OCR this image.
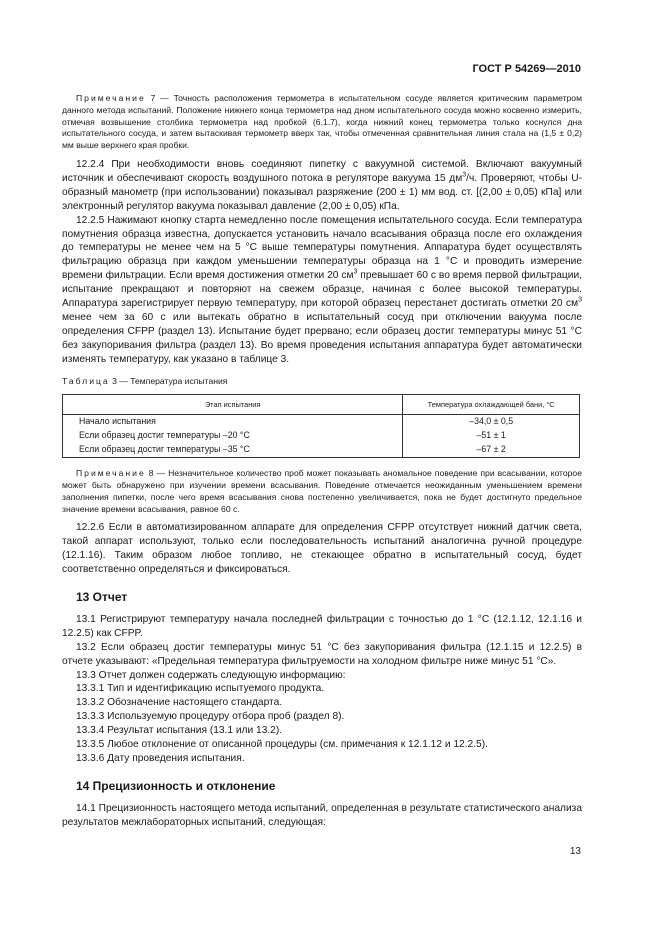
ГОСТ Р 54269—2010

Примечание 7 — Точность расположения термометра в испытательном сосуде является критическим параметром данного метода испытаний. Положение нижнего конца термометра над дном испытательного сосуда можно косвенно измерить, отмечая возвышение столбика термометра над пробкой (6.1.7), когда нижний конец термометра только коснулся дна испытательного сосуда, и затем вытаскивая термометр вверх так, чтобы отмеченная сравнительная линия стала на (1,5 ± 0,2) мм выше верхнего края пробки.

12.2.4 При необходимости вновь соединяют пипетку с вакуумной системой. Включают вакуумный источник и обеспечивают скорость воздушного потока в регуляторе вакуума 15 $дм^3/ч$. Проверяют, чтобы U-образный манометр (при использовании) показывал разряжение (200 ± 1) мм вод. ст. [(2,00 ± 0,05) кПа] или электронный регулятор вакуума показывал давление (2,00 ± 0,05) кПа.

12.2.5 Нажимают кнопку старта немедленно после помещения испытательного сосуда. Если температура помутнения образца известна, допускается установить начало всасывания образца после его охлаждения до температуры не менее чем на 5 °С выше температуры помутнения. Аппаратура будет осуществлять фильтрацию образца при каждом уменьшении температуры образца на 1 °С и проводить измерение времени фильтрации. Если время достижения отметки 20 $см^3$ превышает 60 с во время первой фильтрации, испытание прекращают и повторяют на свежем образце, начиная с более высокой температуры. Аппаратура зарегистрирует первую температуру, при которой образец перестанет достигать отметки 20 $см^3$ менее чем за 60 с или вытекать обратно в испытательный сосуд при отключении вакуума после определения CFPP (раздел 13). Испытание будет прервано; если образец достиг температуры минус 51 °С без закупоривания фильтра (раздел 13). Во время проведения испытания аппаратура будет автоматически изменять температуру, как указано в таблице 3.

Таблица 3 — Температура испытания
Этап испытания	Температура охлаждающей бани, °С
Начало испытания	–34,0 ± 0,5
Если образец достиг температуры –20 °С	–51 ± 1
Если образец достиг температуры –35 °С	–67 ± 2

Примечание 8 — Незначительное количество проб может показывать аномальное поведение при всасывании, которое может быть обнаружено при изучении времени всасывания. Поведение отмечается неожиданным уменьшением времени заполнения пипетки, после чего время всасывания снова постепенно увеличивается, пока не будет достигнуто предельное значение времени всасывания, равное 60 с.

12.2.6 Если в автоматизированном аппарате для определения CFPP отсутствует нижний датчик света, такой аппарат используют, только если последовательность испытаний аналогична ручной процедуре (12.1.16). Таким образом любое топливо, не стекающее обратно в испытательный сосуд, будет соответственно определяться и фиксироваться.

13 Отчет

13.1 Регистрируют температуру начала последней фильтрации с точностью до 1 °С (12.1.12, 12.1.16 и 12.2.5) как CFPP.

13.2 Если образец достиг температуры минус 51 °С без закупоривания фильтра (12.1.15 и 12.2.5) в отчете указывают: «Предельная температура фильтруемости на холодном фильтре ниже минус 51 °С».

13.3 Отчет должен содержать следующую информацию:

13.3.1 Тип и идентификацию испытуемого продукта.

13.3.2 Обозначение настоящего стандарта.

13.3.3 Используемую процедуру отбора проб (раздел 8).

13.3.4 Результат испытания (13.1 или 13.2).

13.3.5 Любое отклонение от описанной процедуры (см. примечания к 12.1.12 и 12.2.5).

13.3.6 Дату проведения испытания.

14 Прецизионность и отклонение

14.1 Прецизионность настоящего метода испытаний, определенная в результате статистического анализа результатов межлабораторных испытаний, следующая:

13
